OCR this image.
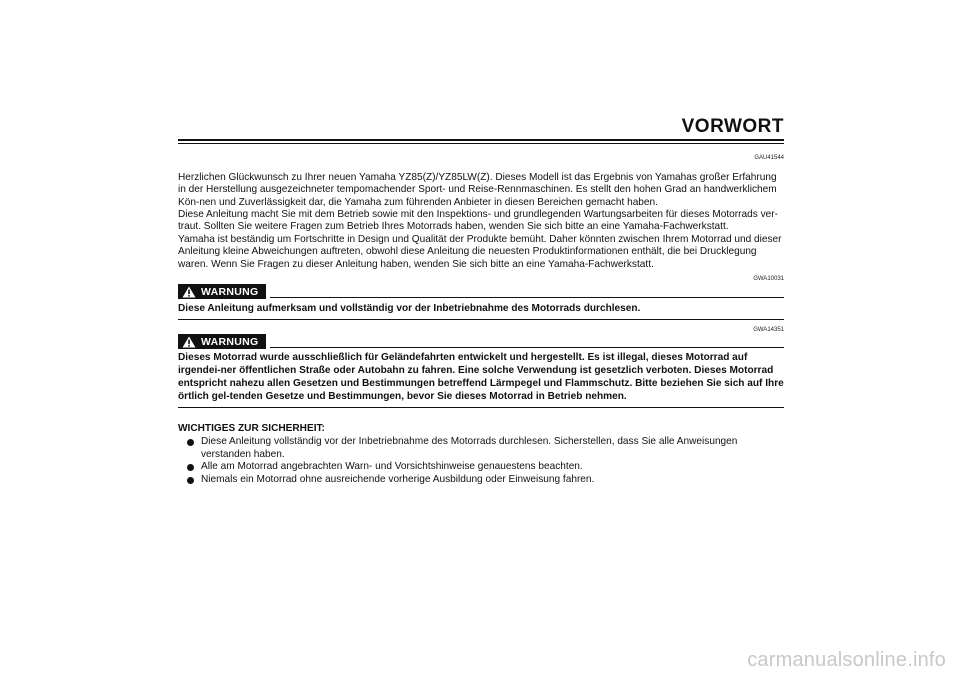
VORWORT
GAU41544

Herzlichen Glückwunsch zu Ihrer neuen Yamaha YZ85(Z)/YZ85LW(Z). Dieses Modell ist das Ergebnis von Yamahas großer Erfahrung in der Herstellung ausgezeichneter tempomachender Sport- und Reise-Rennmaschinen. Es stellt den hohen Grad an handwerklichem Kön-nen und Zuverlässigkeit dar, die Yamaha zum führenden Anbieter in diesen Bereichen gemacht haben.

Diese Anleitung macht Sie mit dem Betrieb sowie mit den Inspektions- und grundlegenden Wartungsarbeiten für dieses Motorrads ver-traut. Sollten Sie weitere Fragen zum Betrieb Ihres Motorrads haben, wenden Sie sich bitte an eine Yamaha-Fachwerkstatt.

Yamaha ist beständig um Fortschritte in Design und Qualität der Produkte bemüht. Daher könnten zwischen Ihrem Motorrad und dieser Anleitung kleine Abweichungen auftreten, obwohl diese Anleitung die neuesten Produktinformationen enthält, die bei Drucklegung waren. Wenn Sie Fragen zu dieser Anleitung haben, wenden Sie sich bitte an eine Yamaha-Fachwerkstatt.

GWA10031
WARNUNG

Diese Anleitung aufmerksam und vollständig vor der Inbetriebnahme des Motorrads durchlesen.

GWA14351
WARNUNG

Dieses Motorrad wurde ausschließlich für Geländefahrten entwickelt und hergestellt. Es ist illegal, dieses Motorrad auf irgendei-ner öffentlichen Straße oder Autobahn zu fahren. Eine solche Verwendung ist gesetzlich verboten. Dieses Motorrad entspricht nahezu allen Gesetzen und Bestimmungen betreffend Lärmpegel und Flammschutz. Bitte beziehen Sie sich auf Ihre örtlich gel-tenden Gesetze und Bestimmungen, bevor Sie dieses Motorrad in Betrieb nehmen.

WICHTIGES ZUR SICHERHEIT:
Diese Anleitung vollständig vor der Inbetriebnahme des Motorrads durchlesen. Sicherstellen, dass Sie alle Anweisungen verstanden haben.
Alle am Motorrad angebrachten Warn- und Vorsichtshinweise genauestens beachten.
Niemals ein Motorrad ohne ausreichende vorherige Ausbildung oder Einweisung fahren.
carmanualsonline.info
